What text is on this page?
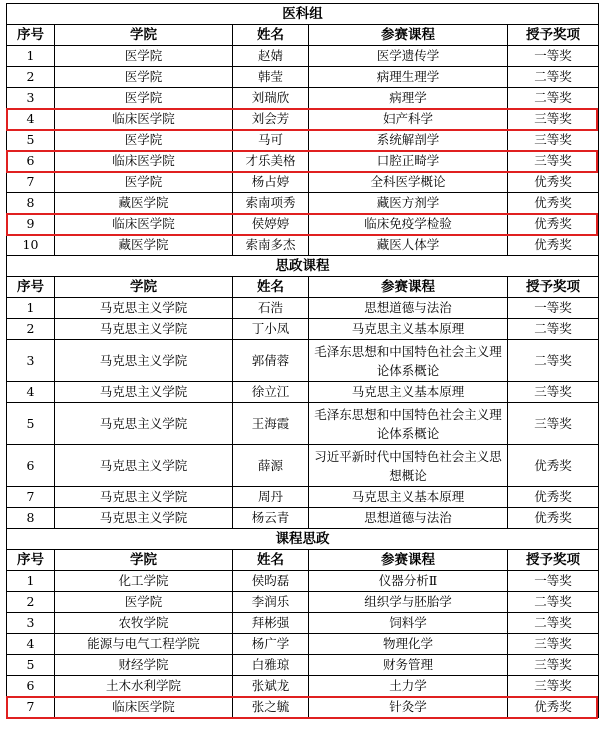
医科组				
序号	学院	姓名	参赛课程	授予奖项
1	医学院	赵婧	医学遗传学	一等奖
2	医学院	韩莹	病理生理学	二等奖
3	医学院	刘瑞欣	病理学	二等奖
4	临床医学院	刘会芳	妇产科学	三等奖
5	医学院	马可	系统解剖学	三等奖
6	临床医学院	才乐美格	口腔正畸学	三等奖
7	医学院	杨占婷	全科医学概论	优秀奖
8	藏医学院	索南项秀	藏医方剂学	优秀奖
9	临床医学院	侯婷婷	临床免疫学检验	优秀奖
10	藏医学院	索南多杰	藏医人体学	优秀奖
思政课程				
序号	学院	姓名	参赛课程	授予奖项
1	马克思主义学院	石浩	思想道德与法治	一等奖
2	马克思主义学院	丁小凤	马克思主义基本原理	二等奖
3	马克思主义学院	郭倩蓉	毛泽东思想和中国特色社会主义理论体系概论	二等奖
4	马克思主义学院	徐立江	马克思主义基本原理	三等奖
5	马克思主义学院	王海霞	毛泽东思想和中国特色社会主义理论体系概论	三等奖
6	马克思主义学院	薛源	习近平新时代中国特色社会主义思想概论	优秀奖
7	马克思主义学院	周丹	马克思主义基本原理	优秀奖
8	马克思主义学院	杨云青	思想道德与法治	优秀奖
课程思政				
序号	学院	姓名	参赛课程	授予奖项
1	化工学院	侯昀磊	仪器分析Ⅱ	一等奖
2	医学院	李润乐	组织学与胚胎学	二等奖
3	农牧学院	拜彬强	饲料学	二等奖
4	能源与电气工程学院	杨广学	物理化学	三等奖
5	财经学院	白雅琼	财务管理	三等奖
6	土木水利学院	张斌龙	土力学	三等奖
7	临床医学院	张之毓	针灸学	优秀奖
